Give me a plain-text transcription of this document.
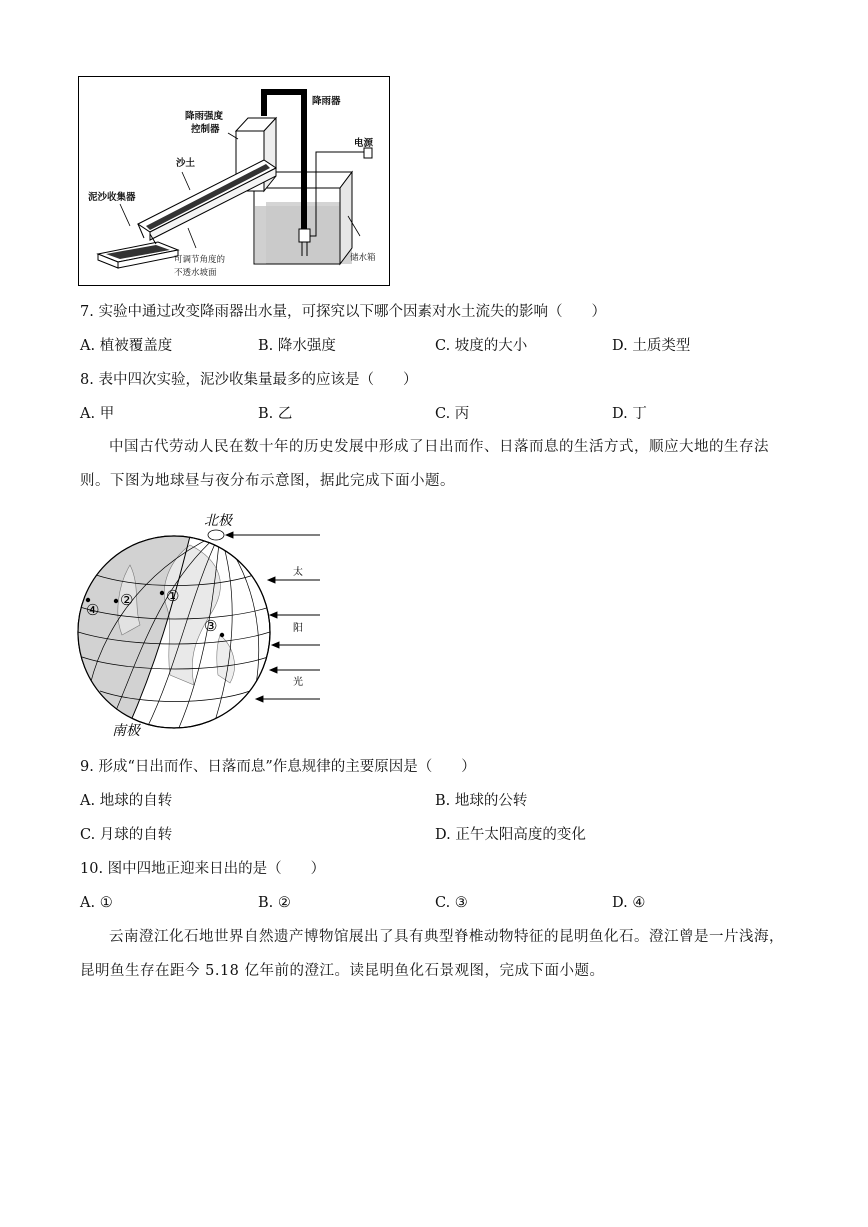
降雨器
降雨强度
控制器
电源
沙土
泥沙收集器
可调节角度的
不透水坡面
储水箱
7. 实验中通过改变降雨器出水量，可探究以下哪个因素对水土流失的影响（　　）
A. 植被覆盖度	B. 降水强度	C. 坡度的大小	D. 土质类型
8. 表中四次实验，泥沙收集量最多的应该是（　　）
A. 甲	B. 乙	C. 丙	D. 丁
中国古代劳动人民在数十年的历史发展中形成了日出而作、日落而息的生活方式，顺应大地的生存法则。下图为地球昼与夜分布示意图，据此完成下面小题。
北极
南极
太
阳
光
①
②
③
④
9. 形成“日出而作、日落而息”作息规律的主要原因是（　　）
A. 地球的自转	B. 地球的公转
C. 月球的自转	D. 正午太阳高度的变化
10. 图中四地正迎来日出的是（　　）
A. ①	B. ②	C. ③	D. ④
云南澄江化石地世界自然遗产博物馆展出了具有典型脊椎动物特征的昆明鱼化石。澄江曾是一片浅海，昆明鱼生存在距今 5.18 亿年前的澄江。读昆明鱼化石景观图，完成下面小题。
